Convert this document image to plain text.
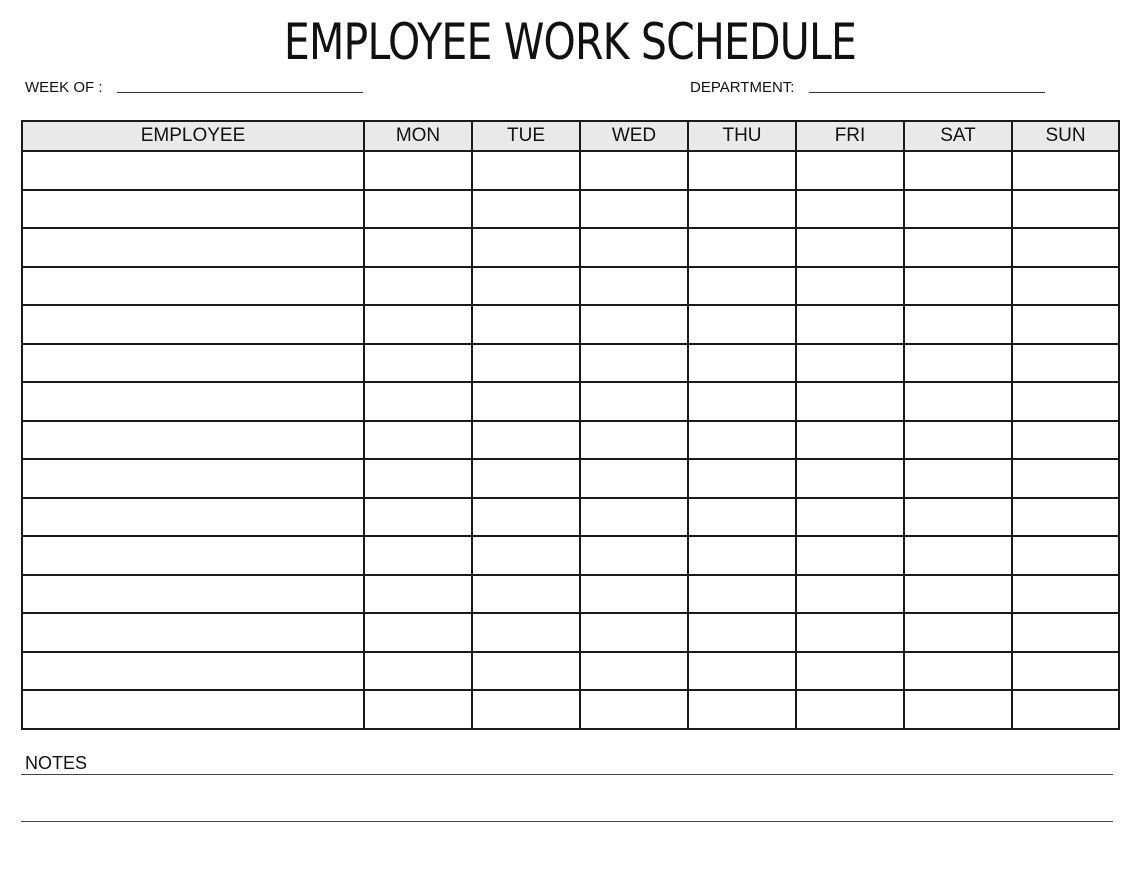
EMPLOYEE WORK SCHEDULE
WEEK OF :	DEPARTMENT:
EMPLOYEE	MON	TUE	WED	THU	FRI	SAT	SUN

NOTES
